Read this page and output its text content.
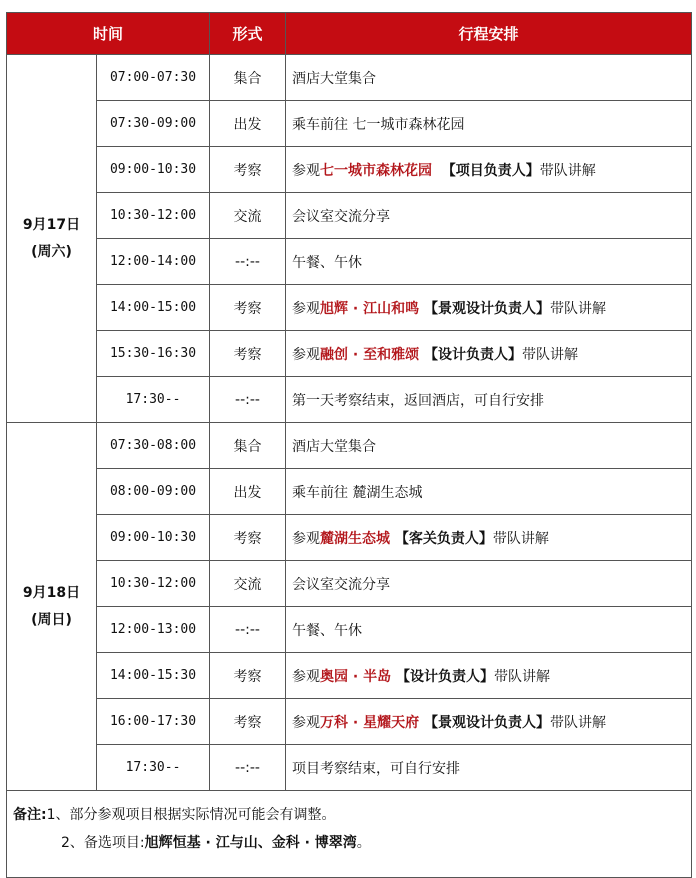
时间		形式	行程安排

9月17日
(周六)	07:00-07:30	集合	酒店大堂集合
	07:30-09:00	出发	乘车前往 七一城市森林花园
	09:00-10:30	考察	参观七一城市森林花园  【项目负责人】带队讲解
	10:30-12:00	交流	会议室交流分享
	12:00-14:00	--:--	午餐、午休
	14:00-15:00	考察	参观旭辉 · 江山和鸣 【景观设计负责人】带队讲解
	15:30-16:30	考察	参观融创 · 至和雅颂 【设计负责人】带队讲解
	17:30--	--:--	第一天考察结束，返回酒店，可自行安排

9月18日
(周日)	07:30-08:00	集合	酒店大堂集合
	08:00-09:00	出发	乘车前往 麓湖生态城
	09:00-10:30	考察	参观麓湖生态城 【客关负责人】带队讲解
	10:30-12:00	交流	会议室交流分享
	12:00-13:00	--:--	午餐、午休
	14:00-15:30	考察	参观奥园 · 半岛 【设计负责人】带队讲解
	16:00-17:30	考察	参观万科 · 星耀天府 【景观设计负责人】带队讲解
	17:30--	--:--	项目考察结束，可自行安排

备注:1、部分参观项目根据实际情况可能会有调整。
2、备选项目:旭辉恒基 · 江与山、金科 · 博翠湾。			
